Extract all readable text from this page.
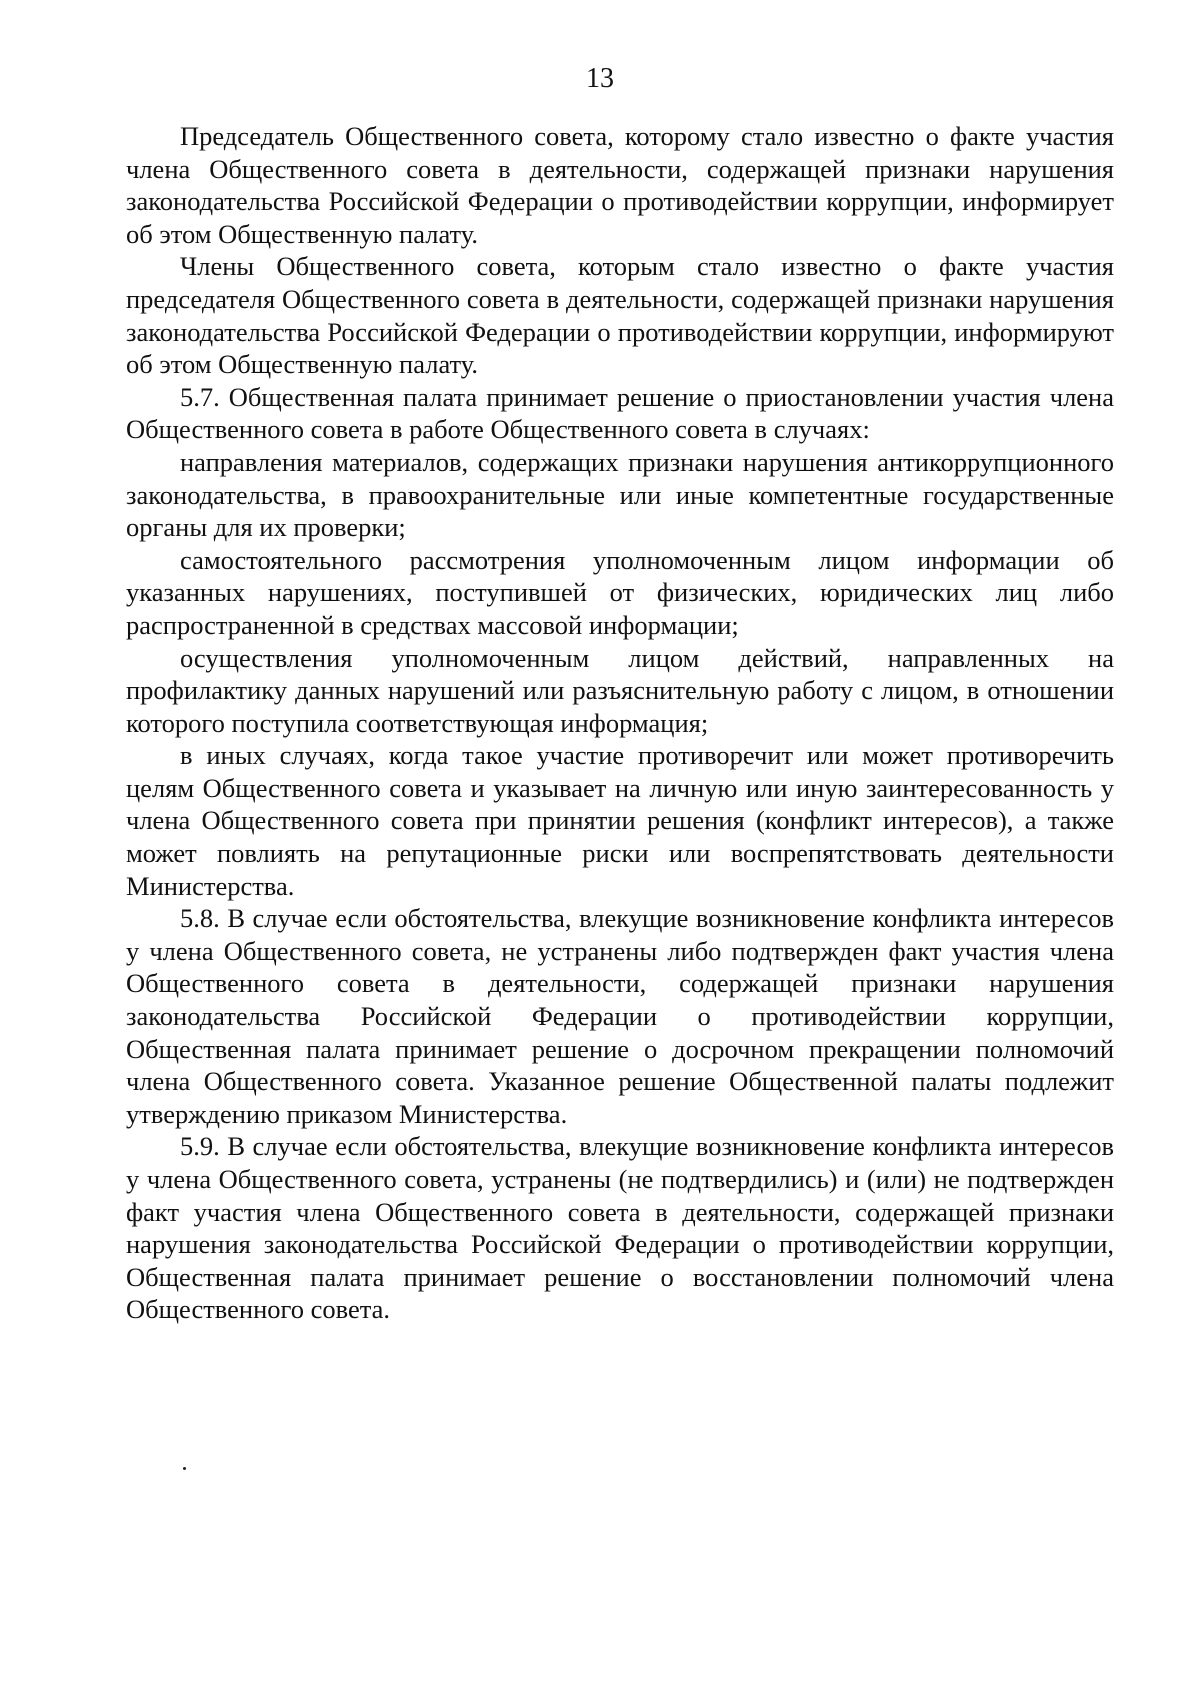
13

Председатель Общественного совета, которому стало известно о факте участия члена Общественного совета в деятельности, содержащей признаки нарушения законодательства Российской Федерации о противодействии коррупции, информирует об этом Общественную палату.

Члены Общественного совета, которым стало известно о факте участия председателя Общественного совета в деятельности, содержащей признаки нарушения законодательства Российской Федерации о противодействии коррупции, информируют об этом Общественную палату.

5.7. Общественная палата принимает решение о приостановлении участия члена Общественного совета в работе Общественного совета в случаях:

направления материалов, содержащих признаки нарушения антикоррупционного законодательства, в правоохранительные или иные компетентные государственные органы для их проверки;

самостоятельного рассмотрения уполномоченным лицом информации об указанных нарушениях, поступившей от физических, юридических лиц либо распространенной в средствах массовой информации;

осуществления уполномоченным лицом действий, направленных на профилактику данных нарушений или разъяснительную работу с лицом, в отношении которого поступила соответствующая информация;

в иных случаях, когда такое участие противоречит или может противоречить целям Общественного совета и указывает на личную или иную заинтересованность у члена Общественного совета при принятии решения (конфликт интересов), а также может повлиять на репутационные риски или воспрепятствовать деятельности Министерства.

5.8. В случае если обстоятельства, влекущие возникновение конфликта интересов у члена Общественного совета, не устранены либо подтвержден факт участия члена Общественного совета в деятельности, содержащей признаки нарушения законодательства Российской Федерации о противодействии коррупции, Общественная палата принимает решение о досрочном прекращении полномочий члена Общественного совета. Указанное решение Общественной палаты подлежит утверждению приказом Министерства.

5.9. В случае если обстоятельства, влекущие возникновение конфликта интересов у члена Общественного совета, устранены (не подтвердились) и (или) не подтвержден факт участия члена Общественного совета в деятельности, содержащей признаки нарушения законодательства Российской Федерации о противодействии коррупции, Общественная палата принимает решение о восстановлении полномочий члена Общественного совета.
